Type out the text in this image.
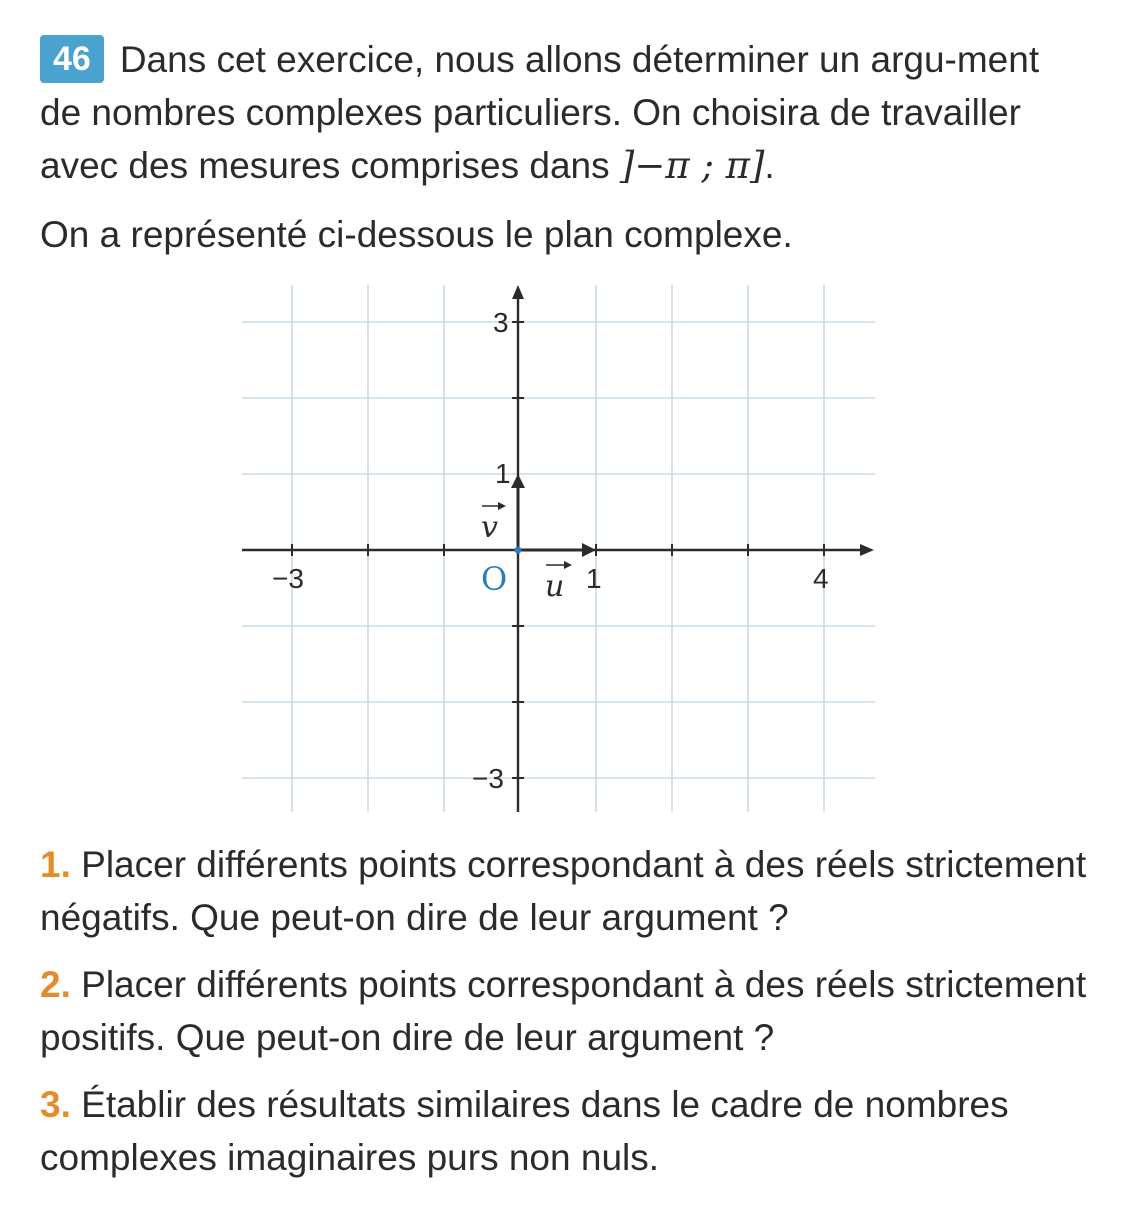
46 Dans cet exercice, nous allons déterminer un argu-ment de nombres complexes particuliers. On choisira de travailler avec des mesures comprises dans ]−π ; π].

On a représenté ci-dessous le plan complexe.

O u
v
−3	1	4
3
1
−3

1. Placer différents points correspondant à des réels strictement négatifs. Que peut-on dire de leur argument ?

2. Placer différents points correspondant à des réels strictement positifs. Que peut-on dire de leur argument ?

3. Établir des résultats similaires dans le cadre de nombres complexes imaginaires purs non nuls.
